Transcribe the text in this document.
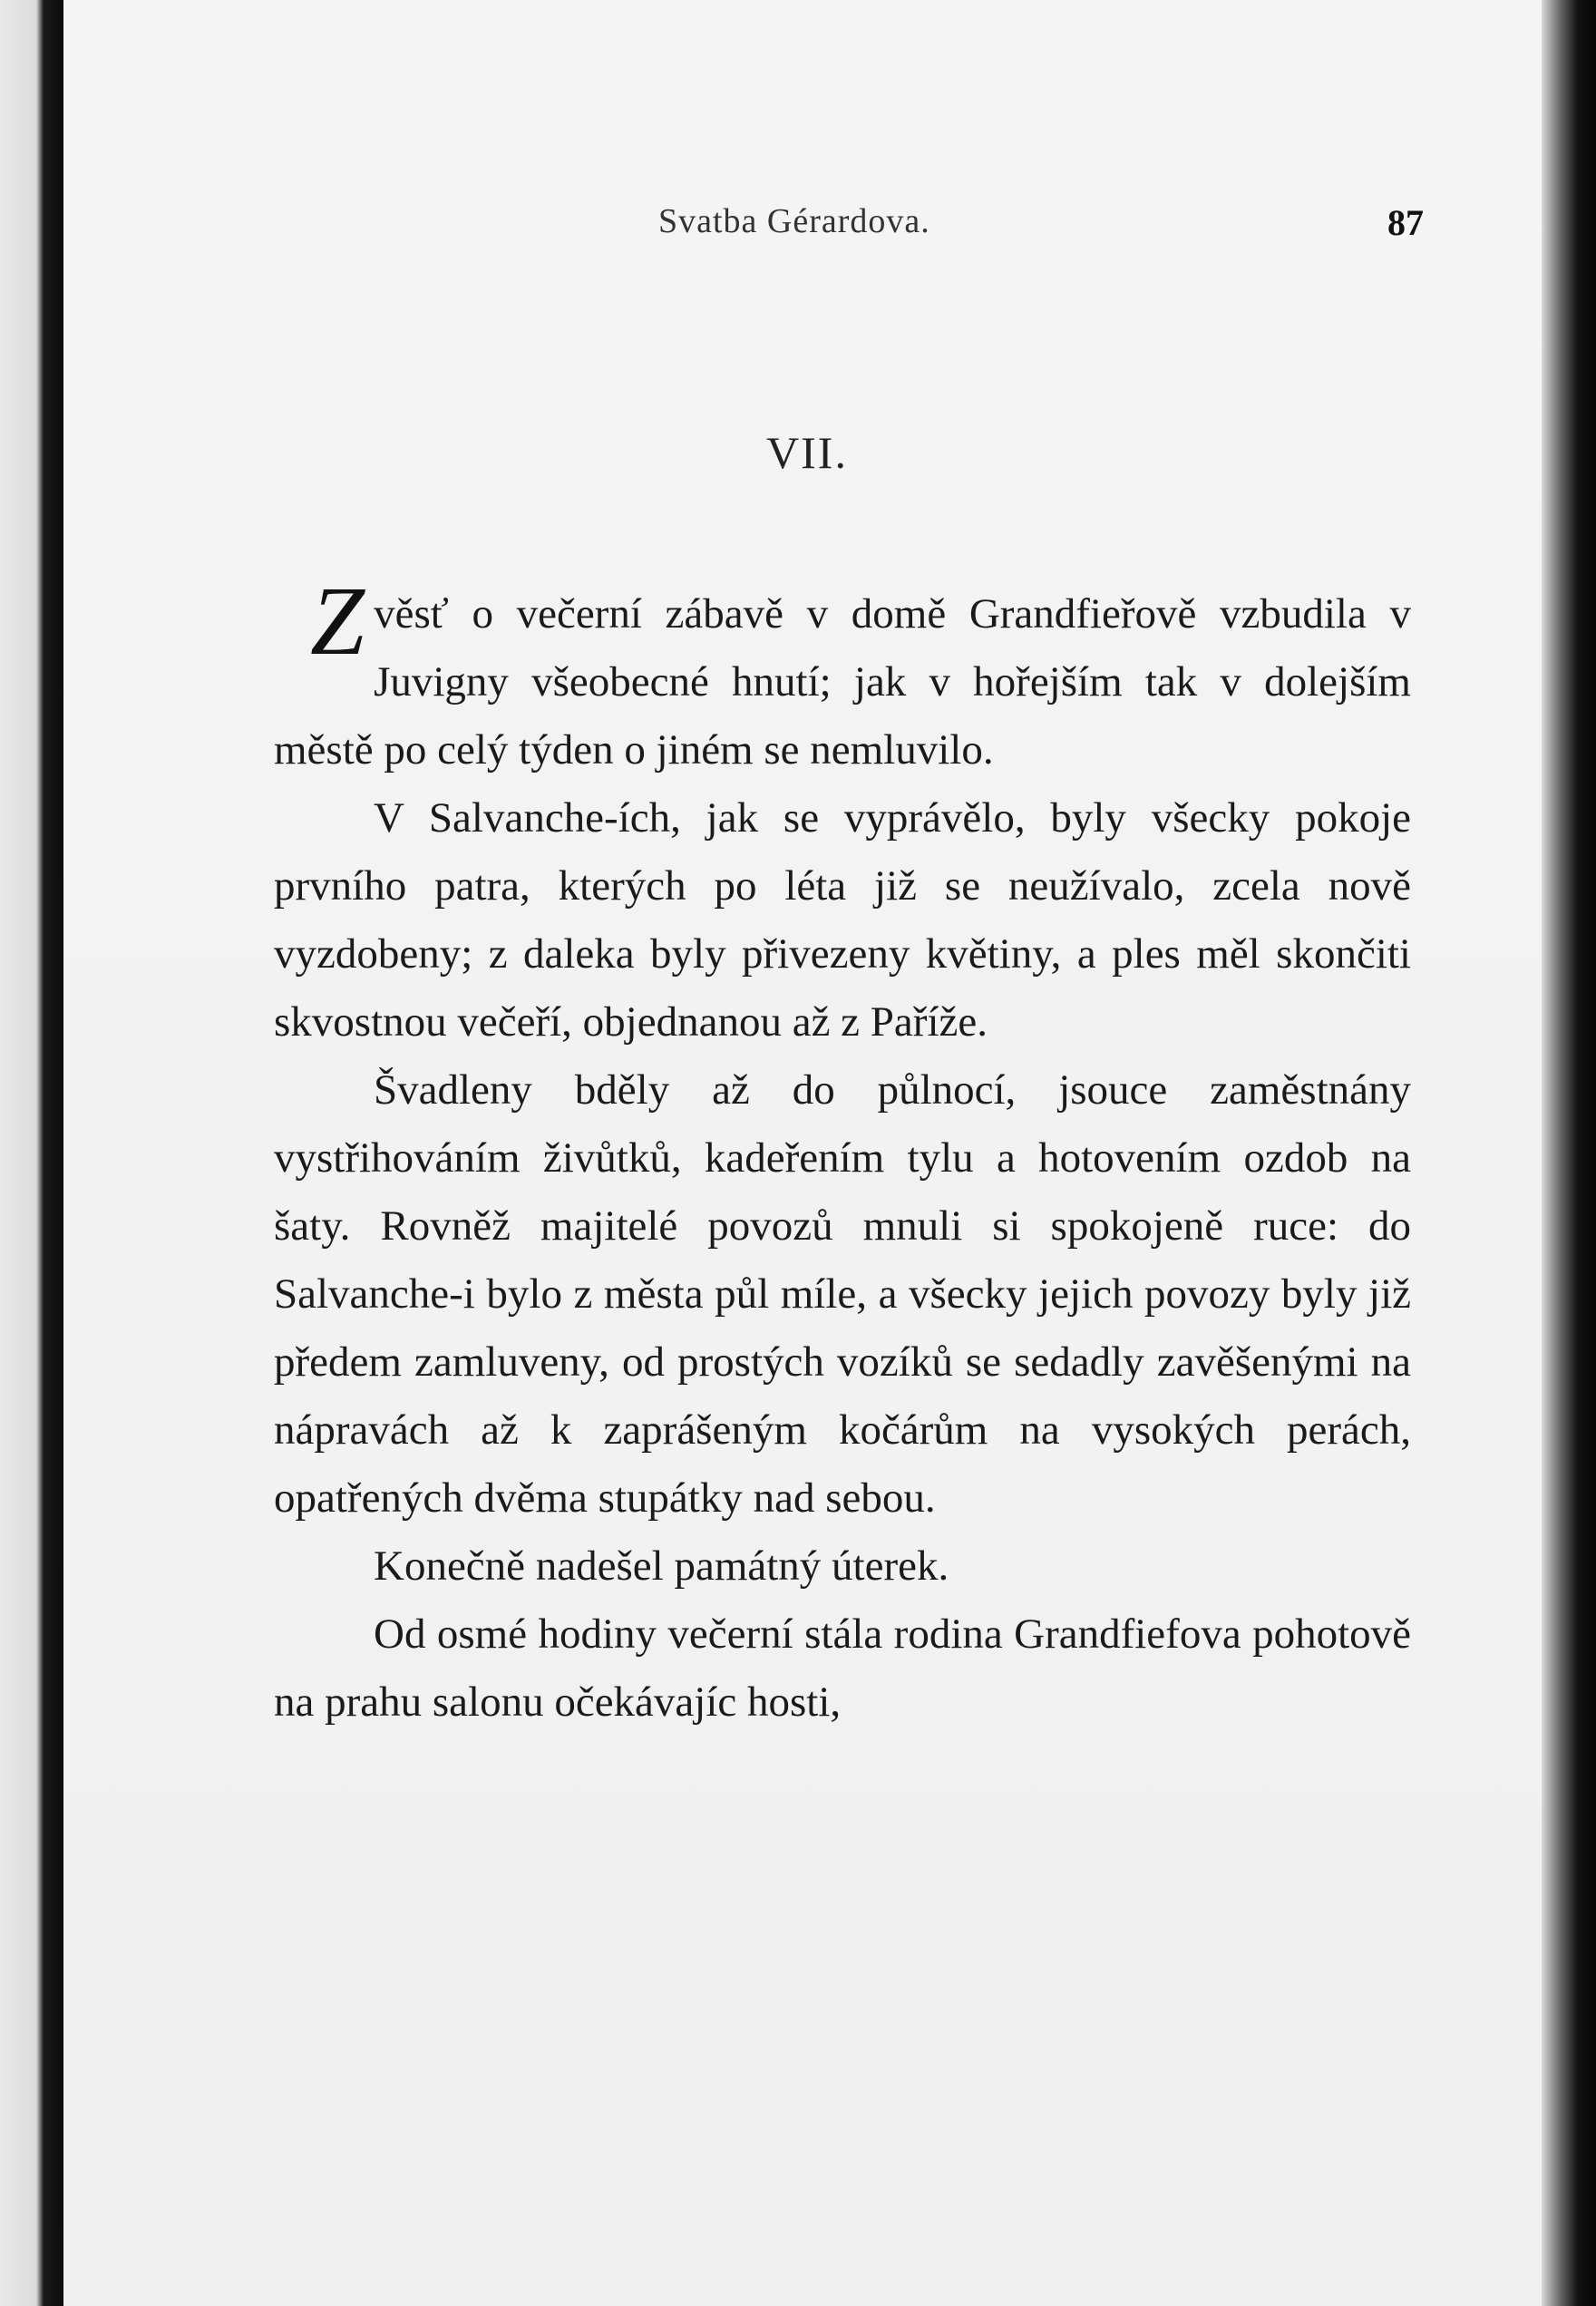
Svatba Gérardova.	87
VII.

Zvěsť o večerní zábavě v domě Grandfieřově vzbudila v Juvigny všeobecné hnutí; jak v hořejším tak v dolejším městě po celý týden o jiném se nemluvilo.

V Salvanche-ích, jak se vyprávělo, byly všecky pokoje prvního patra, kterých po léta již se neužívalo, zcela nově vyzdobeny; z daleka byly přivezeny květiny, a ples měl skončiti skvostnou večeří, objednanou až z Paříže.

Švadleny bděly až do půlnocí, jsouce zaměstnány vystřihováním živůtků, kadeřením tylu a hotovením ozdob na šaty. Rovněž majitelé povozů mnuli si spokojeně ruce: do Salvanche-i bylo z města půl míle, a všecky jejich povozy byly již předem zamluveny, od prostých vozíků se sedadly zavěšenými na nápravách až k zaprášeným kočárům na vysokých perách, opatřených dvěma stupátky nad sebou.

Konečně nadešel památný úterek.

Od osmé hodiny večerní stála rodina Grandfiefova pohotově na prahu salonu očekávajíc hosti,
